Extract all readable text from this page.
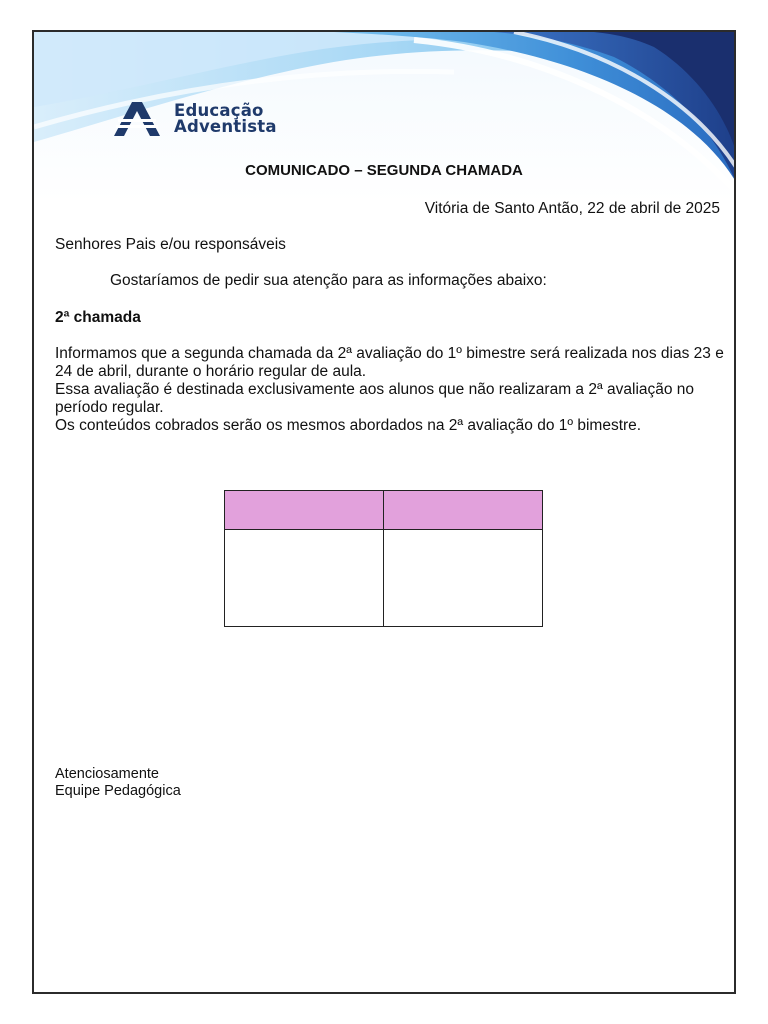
Educação
Adventista
COMUNICADO – SEGUNDA CHAMADA
Vitória de Santo Antão, 22 de abril de 2025
Senhores Pais e/ou responsáveis
Gostaríamos de pedir sua atenção para as informações abaixo:
2ª chamada

Informamos que a segunda chamada da 2ª avaliação do 1º bimestre será realizada nos dias 23 e 24 de abril, durante o horário regular de aula.

Essa avaliação é destinada exclusivamente aos alunos que não realizaram a 2ª avaliação no período regular.

Os conteúdos cobrados serão os mesmos abordados na 2ª avaliação do 1º bimestre.

Atenciosamente
Equipe Pedagógica
